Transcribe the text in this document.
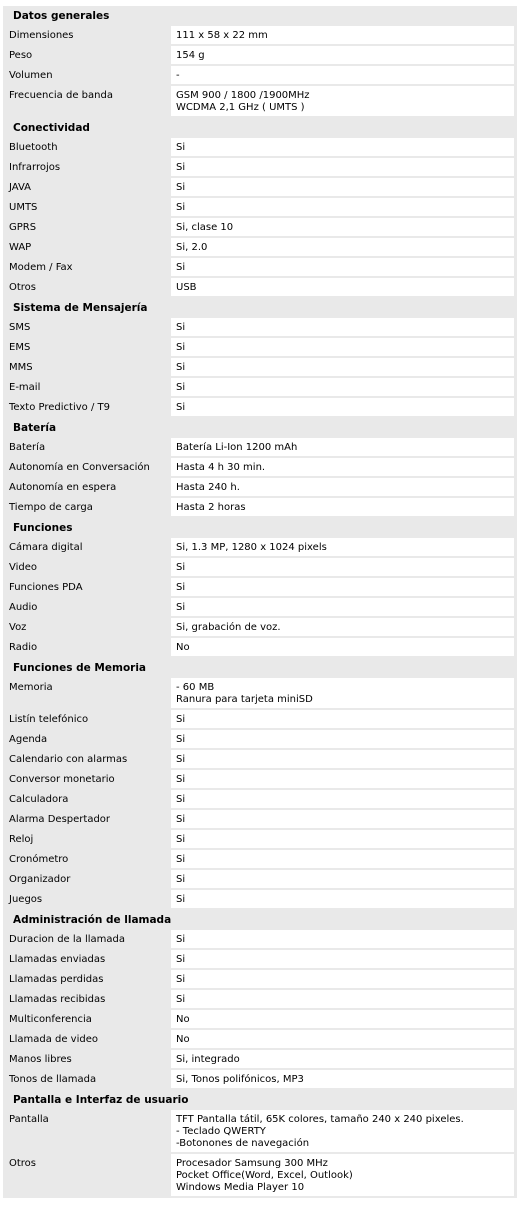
Datos generales
Dimensiones	111 x 58 x 22 mm
Peso	154 g
Volumen	-
Frecuencia de banda	GSM 900 / 1800 /1900MHz
WCDMA 2,1 GHz ( UMTS )
Conectividad
Bluetooth	Si
Infrarrojos	Si
JAVA	Si
UMTS	Si
GPRS	Si, clase 10
WAP	Si, 2.0
Modem / Fax	Si
Otros	USB
Sistema de Mensajería
SMS	Si
EMS	Si
MMS	Si
E-mail	Si
Texto Predictivo / T9	Si
Batería
Batería	Batería Li-Ion 1200 mAh
Autonomía en Conversación	Hasta 4 h 30 min.
Autonomía en espera	Hasta 240 h.
Tiempo de carga	Hasta 2 horas
Funciones
Cámara digital	Si, 1.3 MP, 1280 x 1024 pixels
Video	Si
Funciones PDA	Si
Audio	Si
Voz	Si, grabación de voz.
Radio	No
Funciones de Memoria
Memoria	- 60 MB
Ranura para tarjeta miniSD
Listín telefónico	Si
Agenda	Si
Calendario con alarmas	Si
Conversor monetario	Si
Calculadora	Si
Alarma Despertador	Si
Reloj	Si
Cronómetro	Si
Organizador	Si
Juegos	Si
Administración de llamada
Duracion de la llamada	Si
Llamadas enviadas	Si
Llamadas perdidas	Si
Llamadas recibidas	Si
Multiconferencia	No
Llamada de video	No
Manos libres	Si, integrado
Tonos de llamada	Si, Tonos polifónicos, MP3
Pantalla e Interfaz de usuario
Pantalla	TFT Pantalla tátil, 65K colores, tamaño 240 x 240 pixeles.
- Teclado QWERTY
-Botonones de navegación
Otros	Procesador Samsung 300 MHz
Pocket Office(Word, Excel, Outlook)
Windows Media Player 10
